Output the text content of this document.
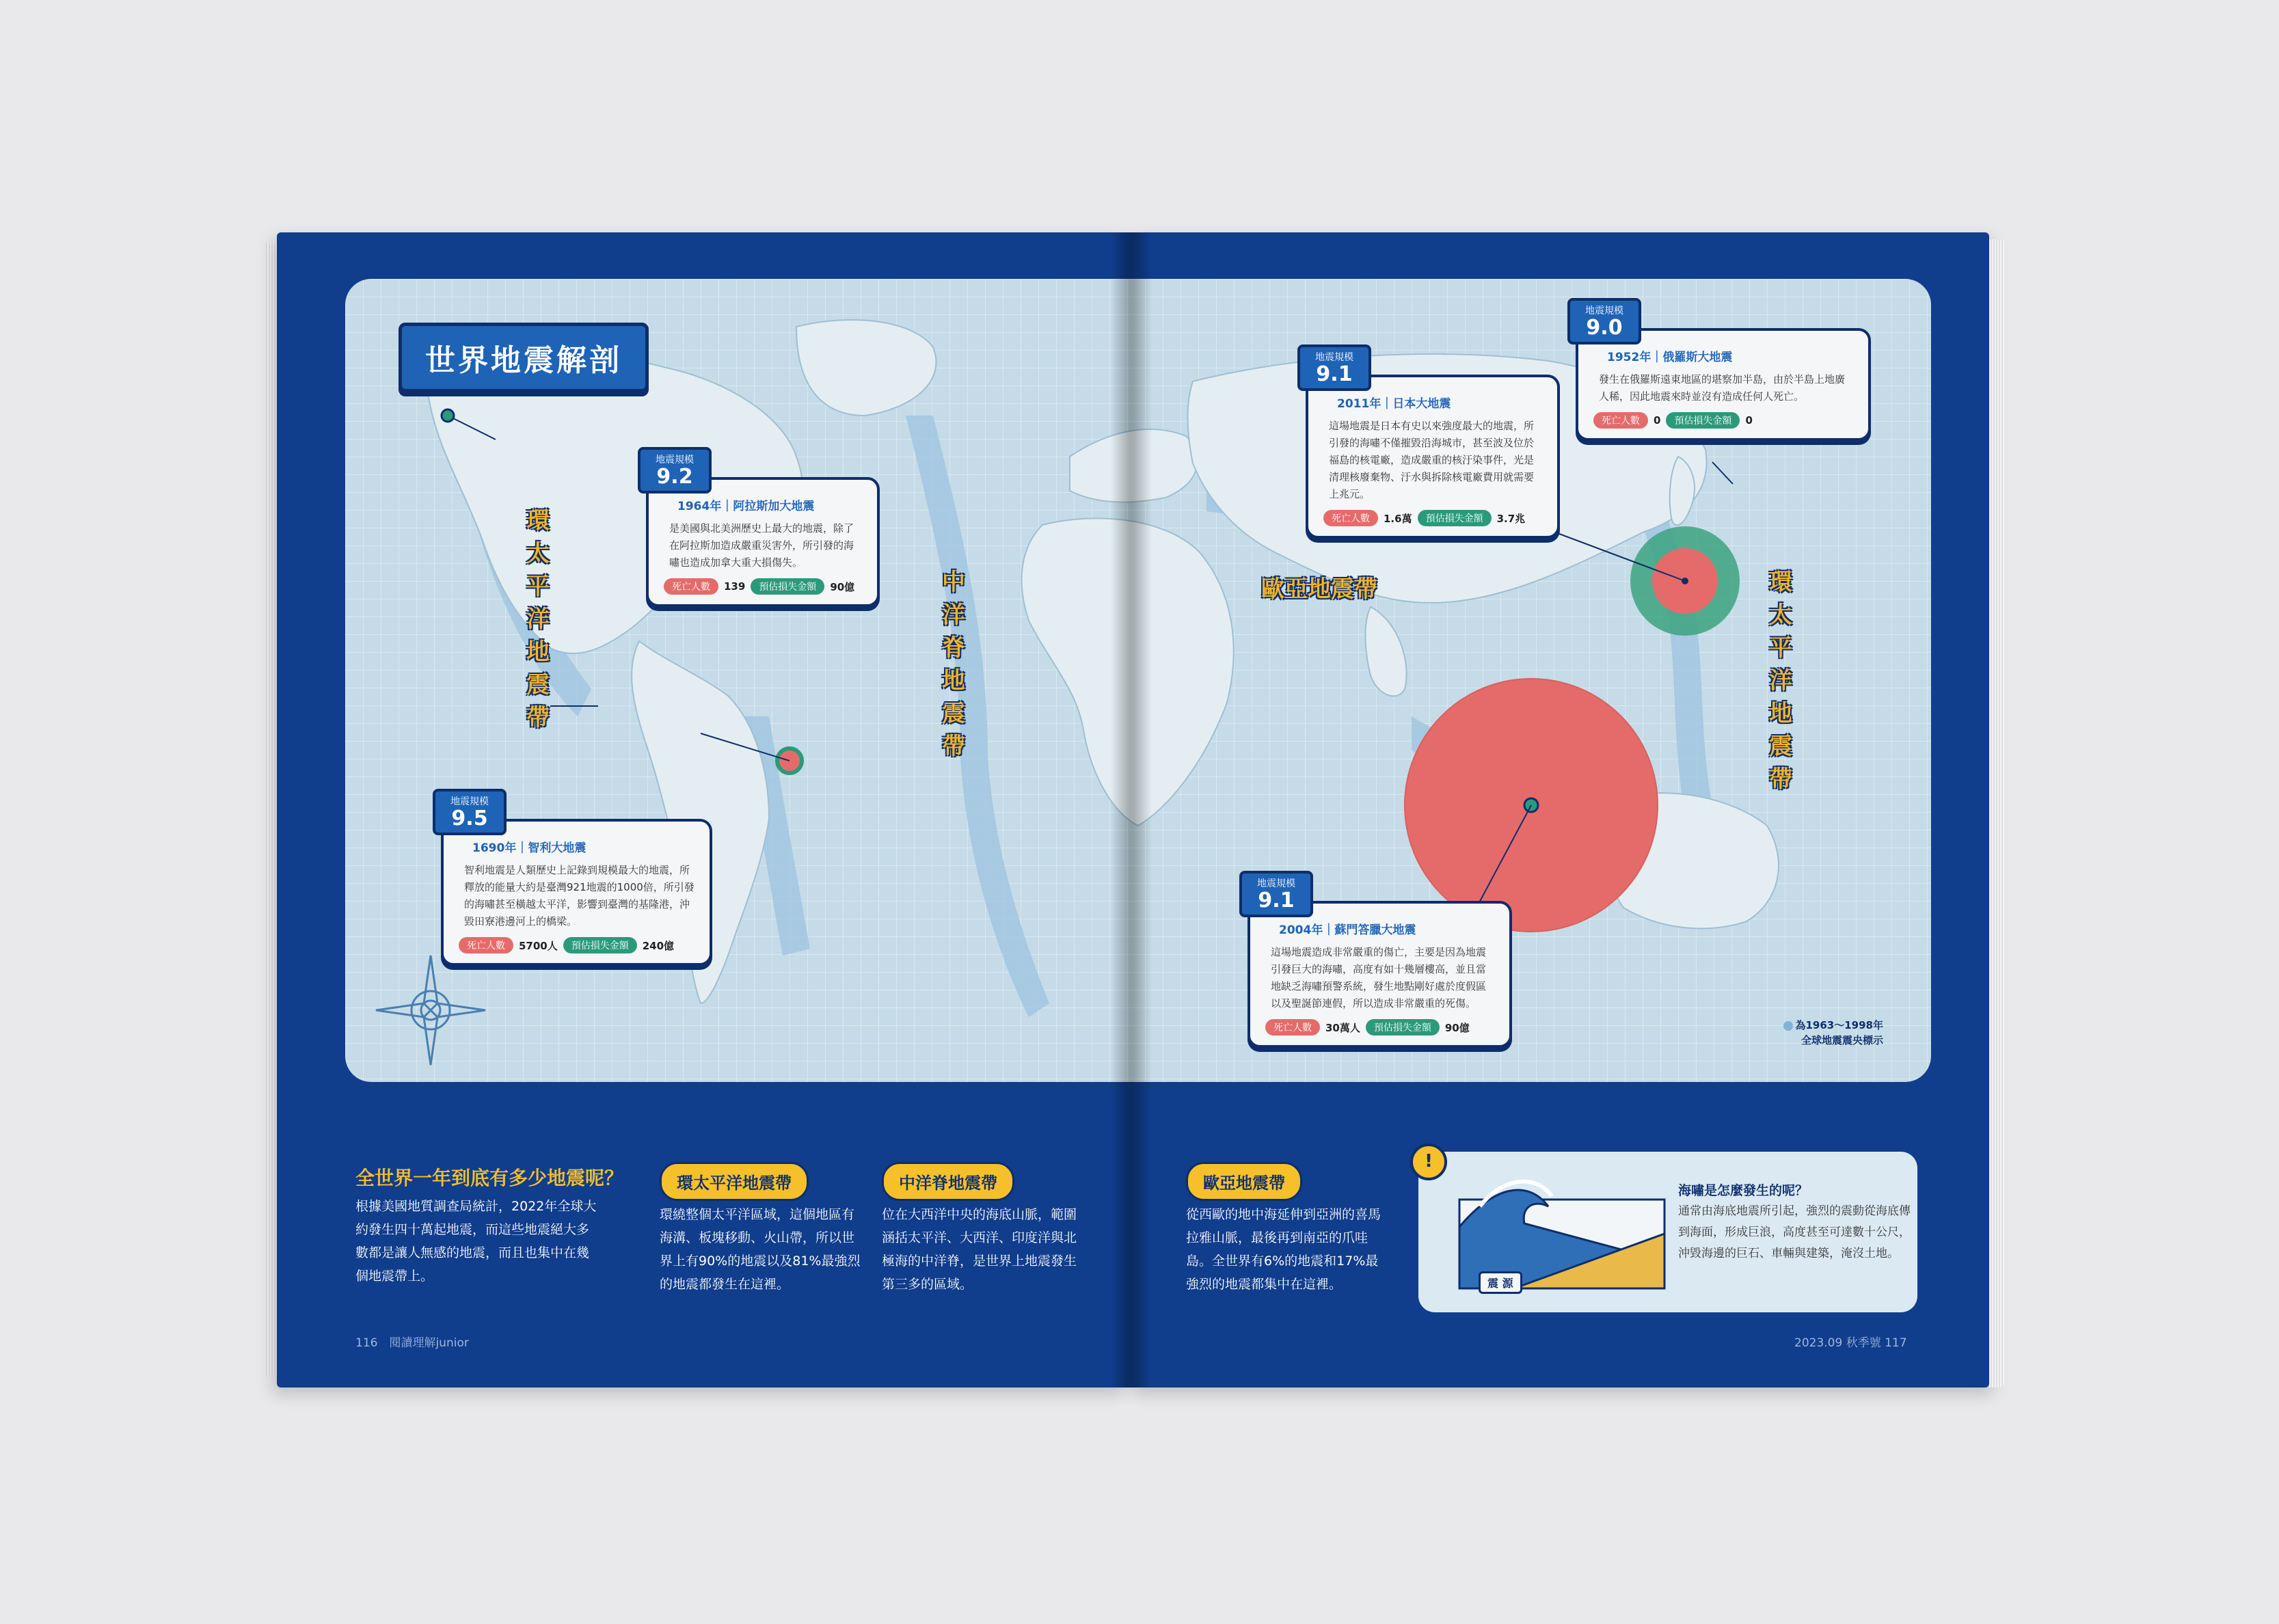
世界地震解剖
環太平洋地震帶
中洋脊地震帶
歐亞地震帶	環太平洋地震帶
地震規模
9.2
1964年｜阿拉斯加大地震
是美國與北美洲歷史上最大的地震，除了在阿拉斯加造成嚴重災害外，所引發的海嘯也造成加拿大重大損傷失。
死亡人數	139	預估損失金額	90億
地震規模
9.5
1690年｜智利大地震
智利地震是人類歷史上記錄到規模最大的地震，所釋放的能量大約是臺灣921地震的1000倍，所引發的海嘯甚至橫越太平洋，影響到臺灣的基隆港，沖毀田寮港邊河上的橋梁。
死亡人數	5700人	預估損失金額	240億
地震規模
9.1
2011年｜日本大地震
這場地震是日本有史以來強度最大的地震，所引發的海嘯不僅摧毀沿海城市，甚至波及位於福島的核電廠，造成嚴重的核汙染事件，光是清理核廢棄物、汙水與拆除核電廠費用就需要上兆元。
死亡人數	1.6萬	預估損失金額	3.7兆
地震規模
9.0
1952年｜俄羅斯大地震
發生在俄羅斯遠東地區的堪察加半島，由於半島上地廣人稀，因此地震來時並沒有造成任何人死亡。
死亡人數	0	預估損失金額	0
地震規模
9.1
2004年｜蘇門答臘大地震
這場地震造成非常嚴重的傷亡，主要是因為地震引發巨大的海嘯，高度有如十幾層樓高，並且當地缺乏海嘯預警系統，發生地點剛好處於度假區以及聖誕節連假，所以造成非常嚴重的死傷。
死亡人數	30萬人	預估損失金額	90億	為1963～1998年
全球地震震央標示
全世界一年到底有多少地震呢？
根據美國地質調查局統計，2022年全球大約發生四十萬起地震，而這些地震絕大多數都是讓人無感的地震，而且也集中在幾個地震帶上。
環太平洋地震帶
環繞整個太平洋區域，這個地區有海溝、板塊移動、火山帶，所以世界上有90%的地震以及81%最強烈的地震都發生在這裡。
中洋脊地震帶
位在大西洋中央的海底山脈，範圍涵括太平洋、大西洋、印度洋與北極海的中洋脊，是世界上地震發生第三多的區域。
歐亞地震帶
從西歐的地中海延伸到亞洲的喜馬拉雅山脈，最後再到南亞的爪哇島。全世界有6%的地震和17%最強烈的地震都集中在這裡。
!
震 源
海嘯是怎麼發生的呢？
通常由海底地震所引起，強烈的震動從海底傳到海面，形成巨浪，高度甚至可達數十公尺，沖毀海邊的巨石、車輛與建築，淹沒土地。
116　閱讀理解junior	2023.09 秋季號 117
